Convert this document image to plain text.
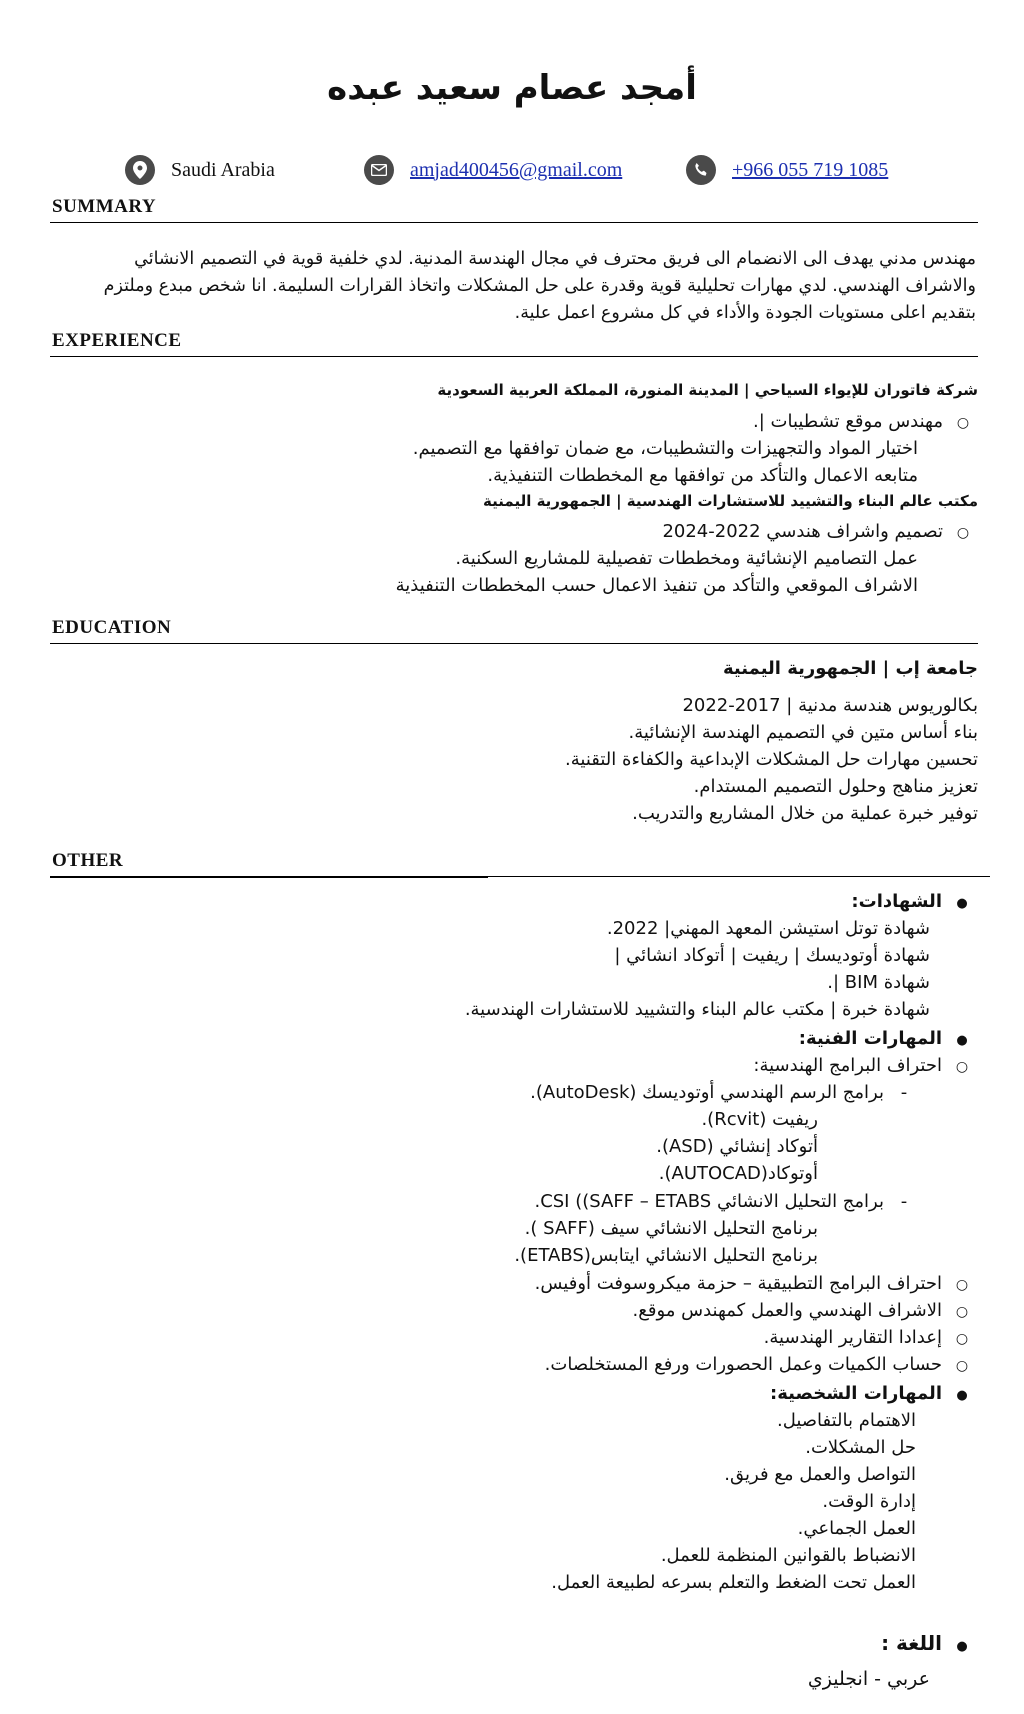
أمجد عصام سعيد عبده
Saudi Arabia	amjad400456@gmail.com	+966 055 719 1085
SUMMARY
مهندس مدني يهدف الى الانضمام الى فريق محترف في مجال الهندسة المدنية. لدي خلفية قوية في التصميم الانشائي
والاشراف الهندسي. لدي مهارات تحليلية قوية وقدرة على حل المشكلات واتخاذ القرارات السليمة. انا شخص مبدع وملتزم
بتقديم اعلى مستويات الجودة والأداء في كل مشروع اعمل علية.
EXPERIENCE
شركة فاتوران للإيواء السياحي | المدينة المنورة، المملكة العربية السعودية
○ مهندس موقع تشطيبات |.
اختيار المواد والتجهيزات والتشطيبات، مع ضمان توافقها مع التصميم.
متابعه الاعمال والتأكد من توافقها مع المخططات التنفيذية.
مكتب عالم البناء والتشييد للاستشارات الهندسية | الجمهورية اليمنية
○ تصميم واشراف هندسي 2022-2024
عمل التصاميم الإنشائية ومخططات تفصيلية للمشاريع السكنية.
الاشراف الموقعي والتأكد من تنفيذ الاعمال حسب المخططات التنفيذية
EDUCATION
جامعة إب | الجمهورية اليمنية
بكالوريوس هندسة مدنية | 2017-2022
بناء أساس متين في التصميم الهندسة الإنشائية.
تحسين مهارات حل المشكلات الإبداعية والكفاءة التقنية.
تعزيز مناهج وحلول التصميم المستدام.
توفير خبرة عملية من خلال المشاريع والتدريب.
OTHER
● الشهادات:
شهادة توتل استيشن المعهد المهني| 2022.
شهادة أوتوديسك | ريفيت | أتوكاد انشائي |
شهادة BIM |.
شهادة خبرة | مكتب عالم البناء والتشييد للاستشارات الهندسية.
● المهارات الفنية:
○ احتراف البرامج الهندسية:
- برامج الرسم الهندسي أوتوديسك (AutoDesk).
ريفيت (Rcvit).
أتوكاد إنشائي (ASD).
أوتوكاد(AUTOCAD).
- برامج التحليل الانشائي CSI ((SAFF – ETABS.
برنامج التحليل الانشائي سيف (SAFF ).
برنامج التحليل الانشائي ايتابس(ETABS).
○ احتراف البرامج التطبيقية – حزمة ميكروسوفت أوفيس.
○ الاشراف الهندسي والعمل كمهندس موقع.
○ إعدادا التقارير الهندسية.
○ حساب الكميات وعمل الحصورات ورفع المستخلصات.
● المهارات الشخصية:
الاهتمام بالتفاصيل.
حل المشكلات.
التواصل والعمل مع فريق.
إدارة الوقت.
العمل الجماعي.
الانضباط بالقوانين المنظمة للعمل.
العمل تحت الضغط والتعلم بسرعه لطبيعة العمل.
● اللغة :
عربي - انجليزي
